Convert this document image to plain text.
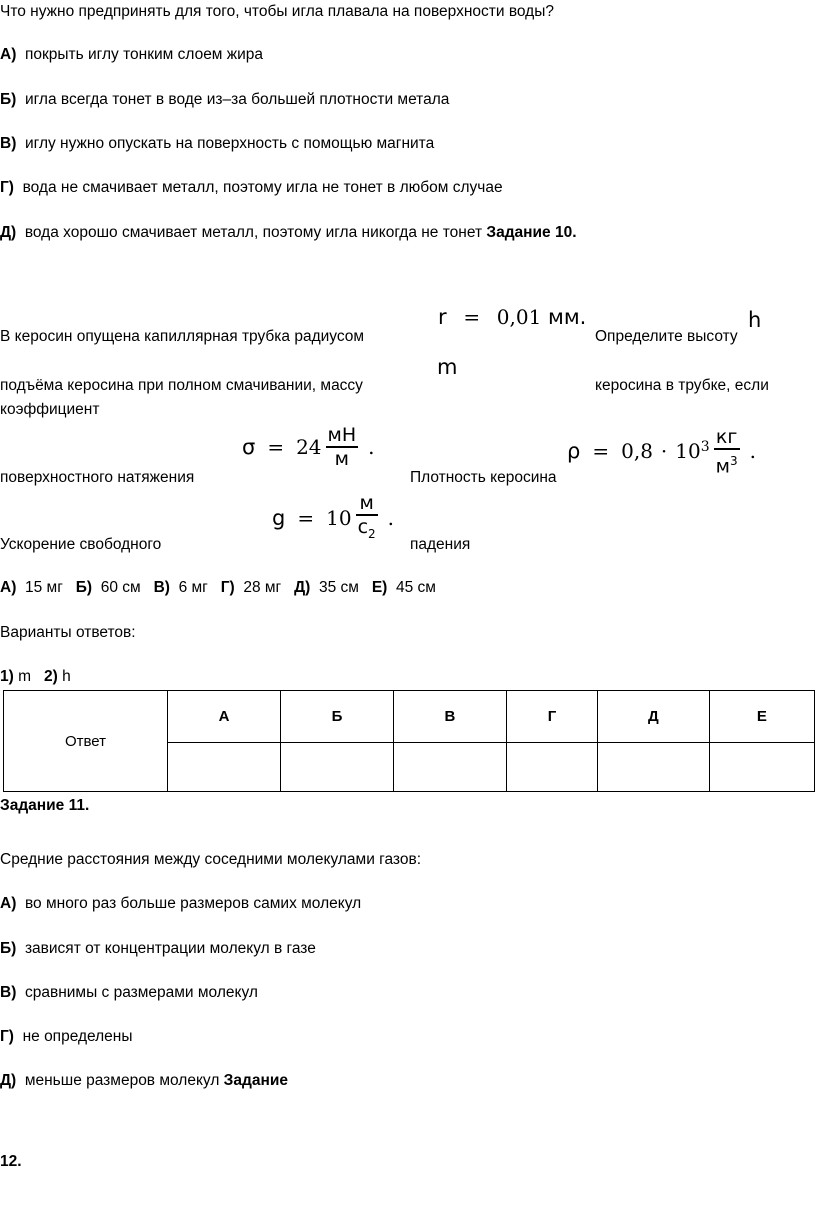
Что нужно предпринять для того, чтобы игла плавала на поверхности воды?
А) покрыть иглу тонким слоем жира
Б) игла всегда тонет в воде из–за большей плотности метала
В) иглу нужно опускать на поверхность с помощью магнита
Г) вода не смачивает металл, поэтому игла не тонет в любом случае
Д) вода хорошо смачивает металл, поэтому игла никогда не тонет Задание 10.
r = 0,01 мм.	h
В керосин опущена капиллярная трубка радиусом	Определите высоту
m
подъёма керосина при полном смачивании, массу	керосина в трубке, если
коэффициент
$\sigma = 24 \frac{мН}{м}$ .	$\rho = 0,8 \cdot 10^3 \frac{кг}{м^3}$ .
поверхностного натяжения	Плотность керосина
$g = 10 \frac{м}{с_2}$ .
Ускорение свободного	падения
А) 15 мг Б) 60 см В) 6 мг Г) 28 мг Д) 35 см Е) 45 см
Варианты ответов:
1) m 2) h
Ответ	А	Б	В	Г	Д	Е

Задание 11.
Средние расстояния между соседними молекулами газов:
А) во много раз больше размеров самих молекул
Б) зависят от концентрации молекул в газе
В) сравнимы с размерами молекул
Г) не определены
Д) меньше размеров молекул Задание
12.
